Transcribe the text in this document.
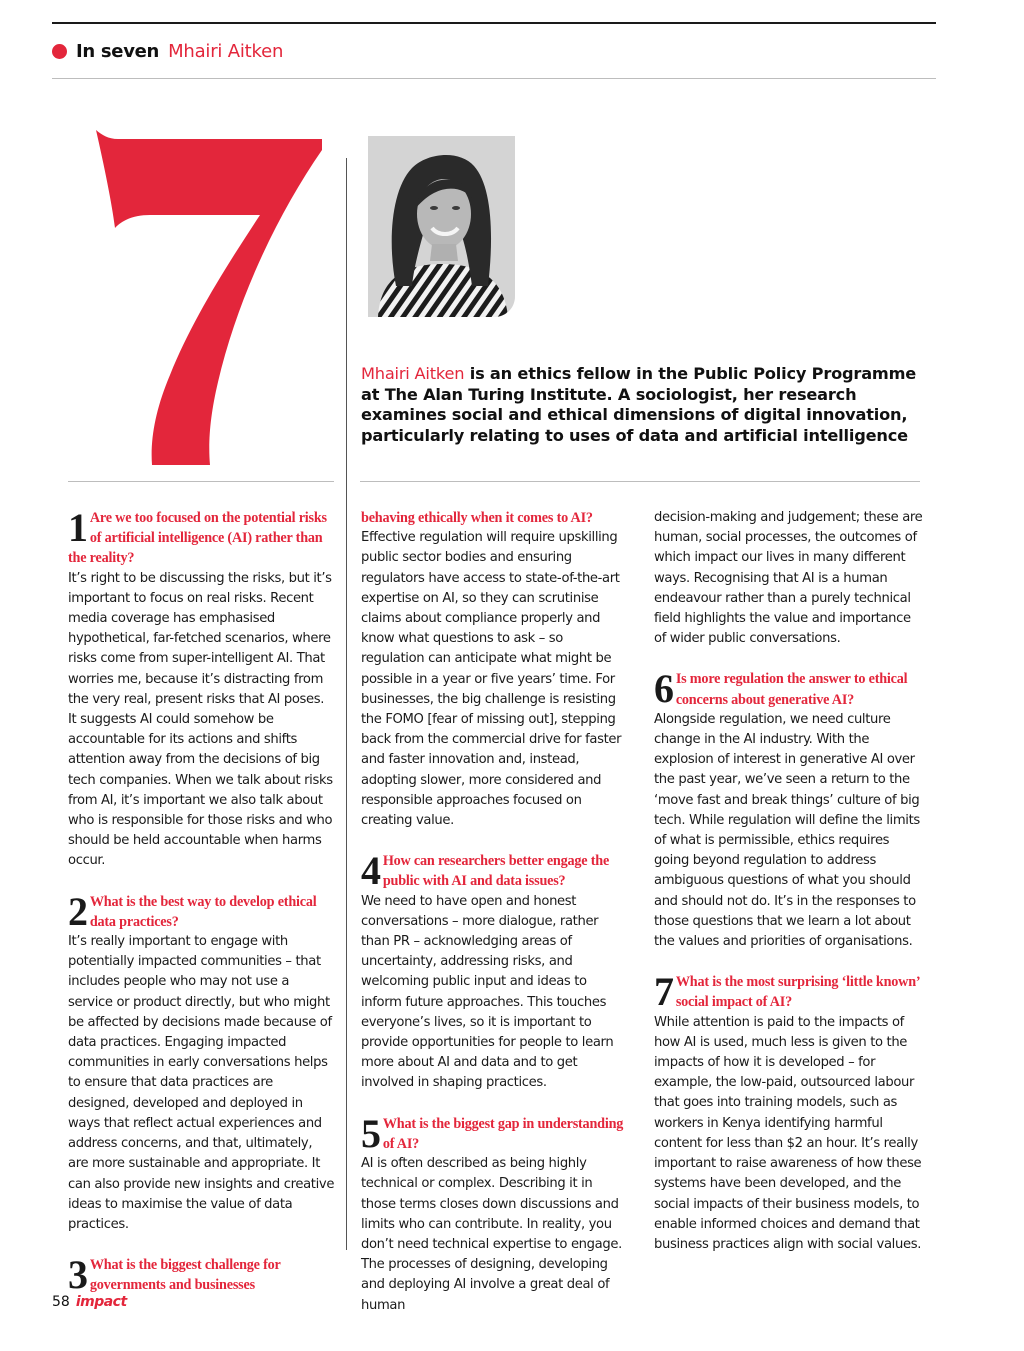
In seven Mhairi Aitken
Mhairi Aitken is an ethics fellow in the Public Policy Programme at The Alan Turing Institute. A sociologist, her research examines social and ethical dimensions of digital innovation, particularly relating to uses of data and artificial intelligence
1 Are we too focused on the potential risks of artificial intelligence (AI) rather than the reality?
It’s right to be discussing the risks, but it’s important to focus on real risks. Recent media coverage has emphasised hypothetical, far-fetched scenarios, where risks come from super-intelligent AI. That worries me, because it’s distracting from the very real, present risks that AI poses. It suggests AI could somehow be accountable for its actions and shifts attention away from the decisions of big tech companies. When we talk about risks from AI, it’s important we also talk about who is responsible for those risks and who should be held accountable when harms occur.
2 What is the best way to develop ethical data practices?
It’s really important to engage with potentially impacted communities – that includes people who may not use a service or product directly, but who might be affected by decisions made because of data practices. Engaging impacted communities in early conversations helps to ensure that data practices are designed, developed and deployed in ways that reflect actual experiences and address concerns, and that, ultimately, are more sustainable and appropriate. It can also provide new insights and creative ideas to maximise the value of data practices.
3 What is the biggest challenge for governments and businesses
behaving ethically when it comes to AI?
Effective regulation will require upskilling public sector bodies and ensuring regulators have access to state-of-the-art expertise on AI, so they can scrutinise claims about compliance properly and know what questions to ask – so regulation can anticipate what might be possible in a year or five years’ time. For businesses, the big challenge is resisting the FOMO [fear of missing out], stepping back from the commercial drive for faster and faster innovation and, instead, adopting slower, more considered and responsible approaches focused on creating value.
4 How can researchers better engage the public with AI and data issues?
We need to have open and honest conversations – more dialogue, rather than PR – acknowledging areas of uncertainty, addressing risks, and welcoming public input and ideas to inform future approaches. This touches everyone’s lives, so it is important to provide opportunities for people to learn more about AI and data and to get involved in shaping practices.
5 What is the biggest gap in understanding of AI?
AI is often described as being highly technical or complex. Describing it in those terms closes down discussions and limits who can contribute. In reality, you don’t need technical expertise to engage. The processes of designing, developing and deploying AI involve a great deal of human
decision-making and judgement; these are human, social processes, the outcomes of which impact our lives in many different ways. Recognising that AI is a human endeavour rather than a purely technical field highlights the value and importance of wider public conversations.
6 Is more regulation the answer to ethical concerns about generative AI?
Alongside regulation, we need culture change in the AI industry. With the explosion of interest in generative AI over the past year, we’ve seen a return to the ‘move fast and break things’ culture of big tech. While regulation will define the limits of what is permissible, ethics requires going beyond regulation to address ambiguous questions of what you should and should not do. It’s in the responses to those questions that we learn a lot about the values and priorities of organisations.
7 What is the most surprising ‘little known’ social impact of AI?
While attention is paid to the impacts of how AI is used, much less is given to the impacts of how it is developed – for example, the low-paid, outsourced labour that goes into training models, such as workers in Kenya identifying harmful content for less than $2 an hour. It’s really important to raise awareness of how these systems have been developed, and the social impacts of their business models, to enable informed choices and demand that business practices align with social values.
58 impact
